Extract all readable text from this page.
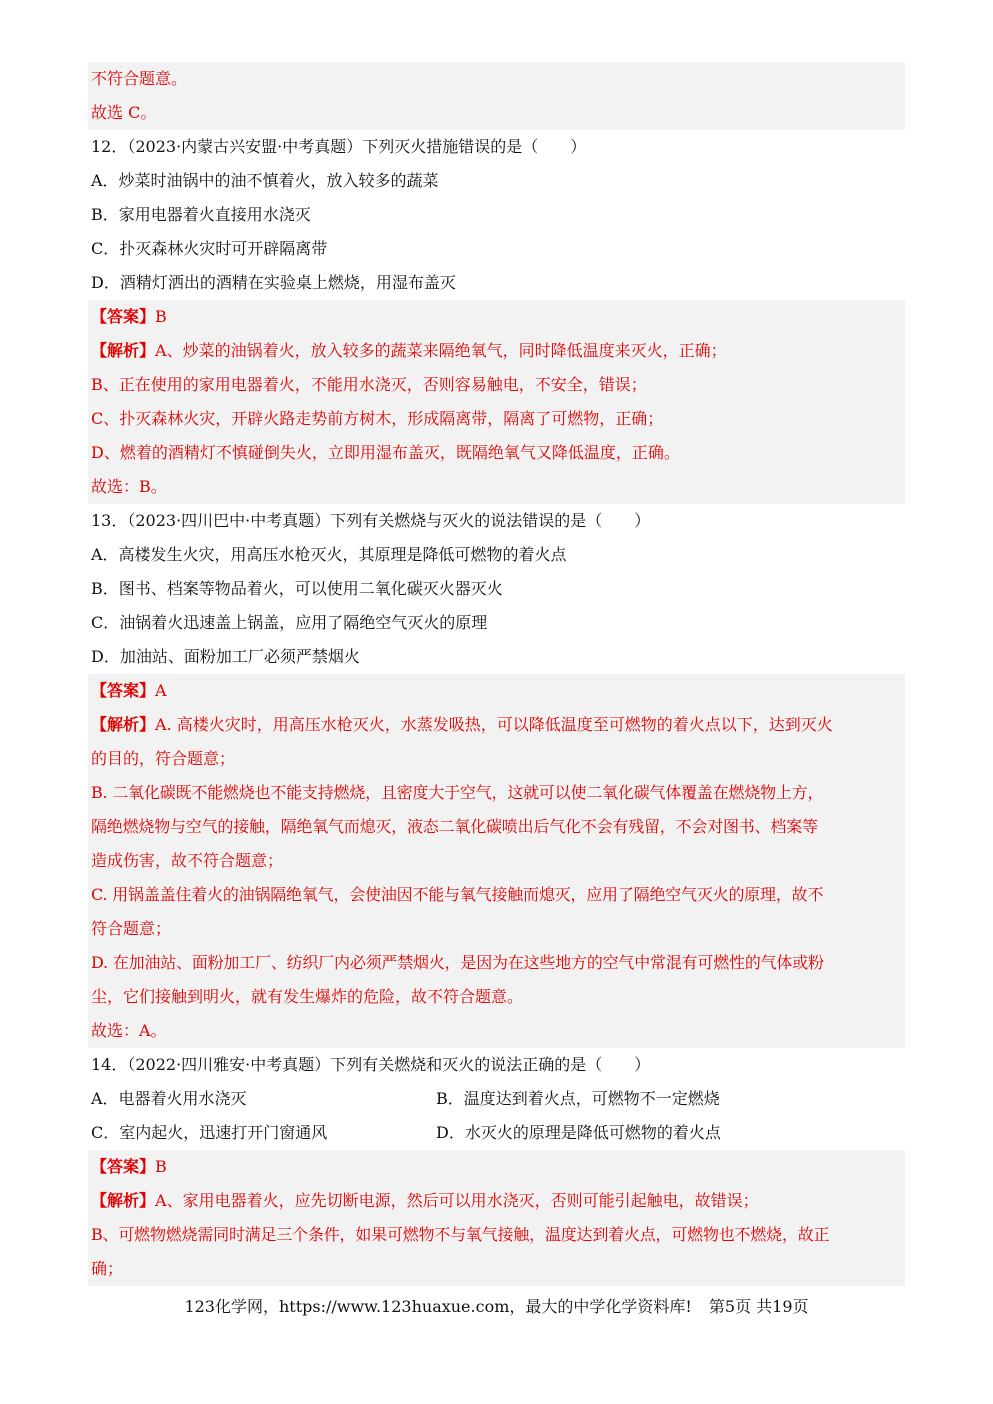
不符合题意。
故选 C。
12．（2023·内蒙古兴安盟·中考真题）下列灭火措施错误的是（　　）
A．炒菜时油锅中的油不慎着火，放入较多的蔬菜
B．家用电器着火直接用水浇灭
C．扑灭森林火灾时可开辟隔离带
D．酒精灯洒出的酒精在实验桌上燃烧，用湿布盖灭
【答案】B
【解析】A、炒菜的油锅着火，放入较多的蔬菜来隔绝氧气，同时降低温度来灭火，正确；
B、正在使用的家用电器着火，不能用水浇灭，否则容易触电，不安全，错误；
C、扑灭森林火灾，开辟火路走势前方树木，形成隔离带，隔离了可燃物，正确；
D、燃着的酒精灯不慎碰倒失火，立即用湿布盖灭，既隔绝氧气又降低温度，正确。
故选：B。
13．（2023·四川巴中·中考真题）下列有关燃烧与灭火的说法错误的是（　　）
A．高楼发生火灾，用高压水枪灭火，其原理是降低可燃物的着火点
B．图书、档案等物品着火，可以使用二氧化碳灭火器灭火
C．油锅着火迅速盖上锅盖，应用了隔绝空气灭火的原理
D．加油站、面粉加工厂必须严禁烟火
【答案】A
【解析】A. 高楼火灾时，用高压水枪灭火，水蒸发吸热，可以降低温度至可燃物的着火点以下，达到灭火
的目的，符合题意；
B. 二氧化碳既不能燃烧也不能支持燃烧，且密度大于空气，这就可以使二氧化碳气体覆盖在燃烧物上方，
隔绝燃烧物与空气的接触，隔绝氧气而熄灭，液态二氧化碳喷出后气化不会有残留，不会对图书、档案等
造成伤害，故不符合题意；
C. 用锅盖盖住着火的油锅隔绝氧气，会使油因不能与氧气接触而熄灭，应用了隔绝空气灭火的原理，故不
符合题意；
D. 在加油站、面粉加工厂、纺织厂内必须严禁烟火，是因为在这些地方的空气中常混有可燃性的气体或粉
尘，它们接触到明火，就有发生爆炸的危险，故不符合题意。
故选：A。
14．（2022·四川雅安·中考真题）下列有关燃烧和灭火的说法正确的是（　　）
A．电器着火用水浇灭	B．温度达到着火点，可燃物不一定燃烧
C．室内起火，迅速打开门窗通风	D．水灭火的原理是降低可燃物的着火点
【答案】B
【解析】A、家用电器着火，应先切断电源，然后可以用水浇灭，否则可能引起触电，故错误；
B、可燃物燃烧需同时满足三个条件，如果可燃物不与氧气接触，温度达到着火点，可燃物也不燃烧，故正
确；
123化学网，https://www.123huaxue.com，最大的中学化学资料库! 第5页 共19页
